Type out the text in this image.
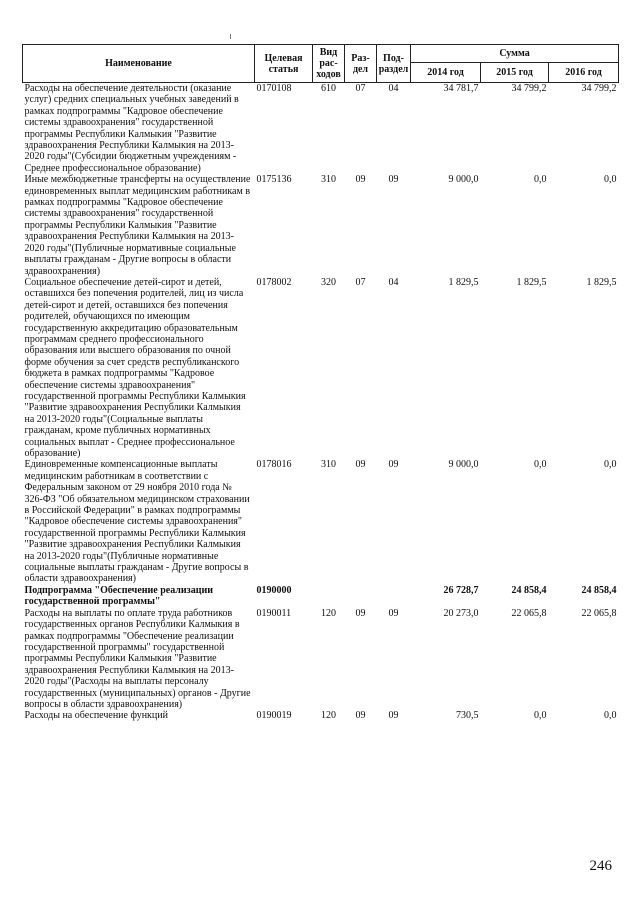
Наименование	Целевая статья	Вид рас-ходов	Раз-дел	Под-раздел	Сумма		
					2014 год	2015 год	2016 год
Расходы на обеспечение деятельности (оказание услуг) средних специальных учебных заведений в рамках подпрограммы "Кадровое обеспечение системы здравоохранения" государственной программы Республики Калмыкия "Развитие здравоохранения Республики Калмыкия на 2013-2020 годы"(Субсидии бюджетным учреждениям - Среднее профессиональное образование)	0170108	610	07	04	34 781,7	34 799,2	34 799,2
Иные межбюджетные трансферты на осуществление единовременных выплат медицинским работникам в рамках подпрограммы "Кадровое обеспечение системы здравоохранения" государственной программы Республики Калмыкия "Развитие здравоохранения Республики Калмыкия на 2013-2020 годы"(Публичные нормативные социальные выплаты гражданам - Другие вопросы в области здравоохранения)	0175136	310	09	09	9 000,0	0,0	0,0
Социальное обеспечение детей-сирот и детей, оставшихся без попечения родителей, лиц из числа детей-сирот и детей, оставшихся без попечения родителей, обучающихся по имеющим государственную аккредитацию образовательным программам среднего профессионального образования или высшего образования по очной форме обучения за счет средств республиканского бюджета в рамках подпрограммы "Кадровое обеспечение системы здравоохранения" государственной программы Республики Калмыкия "Развитие здравоохранения Республики Калмыкия на 2013-2020 годы"(Социальные выплаты гражданам, кроме публичных нормативных социальных выплат - Среднее профессиональное образование)	0178002	320	07	04	1 829,5	1 829,5	1 829,5
Единовременные компенсационные выплаты медицинским работникам в соответствии с Федеральным законом от 29 ноября 2010 года № 326-ФЗ "Об обязательном медицинском страховании в Российской Федерации" в рамках подпрограммы "Кадровое обеспечение системы здравоохранения" государственной программы Республики Калмыкия "Развитие здравоохранения Республики Калмыкия на 2013-2020 годы"(Публичные нормативные социальные выплаты гражданам - Другие вопросы в области здравоохранения)	0178016	310	09	09	9 000,0	0,0	0,0
Подпрограмма "Обеспечение реализации государственной программы"	0190000				26 728,7	24 858,4	24 858,4
Расходы на выплаты по оплате труда работников государственных органов Республики Калмыкия в рамках подпрограммы "Обеспечение реализации государственной программы" государственной программы Республики Калмыкия "Развитие здравоохранения Республики Калмыкия на 2013-2020 годы"(Расходы на выплаты персоналу государственных (муниципальных) органов - Другие вопросы в области здравоохранения)	0190011	120	09	09	20 273,0	22 065,8	22 065,8
Расходы на обеспечение функций	0190019	120	09	09	730,5	0,0	0,0
246
